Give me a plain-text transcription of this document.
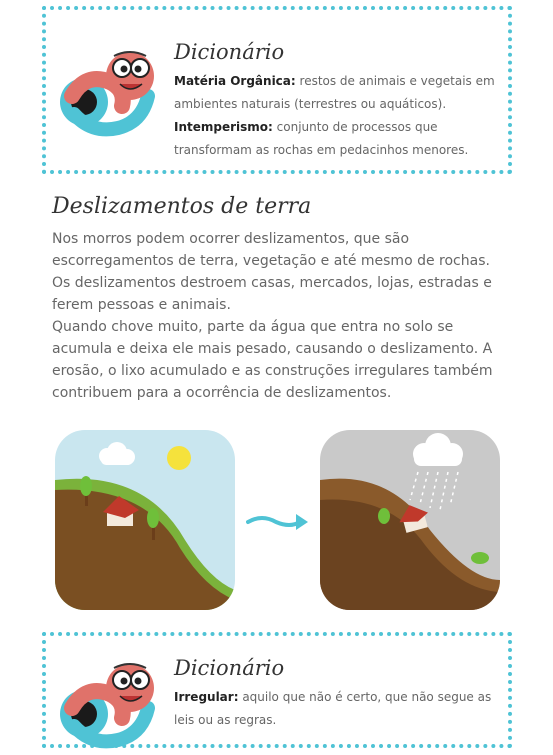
Dicionário
Matéria Orgânica: restos de animais e vegetais em ambientes naturais (terrestres ou aquáticos).
Intemperismo: conjunto de processos que transformam as rochas em pedacinhos menores.
Deslizamentos de terra

Nos morros podem ocorrer deslizamentos, que são escorregamentos de terra, vegetação e até mesmo de rochas. Os deslizamentos destroem casas, mercados, lojas, estradas e ferem pessoas e animais.

Quando chove muito, parte da água que entra no solo se acumula e deixa ele mais pesado, causando o deslizamento. A erosão, o lixo acumulado e as construções irregulares também contribuem para a ocorrência de deslizamentos.

Dicionário
Irregular: aquilo que não é certo, que não segue as leis ou as regras.
